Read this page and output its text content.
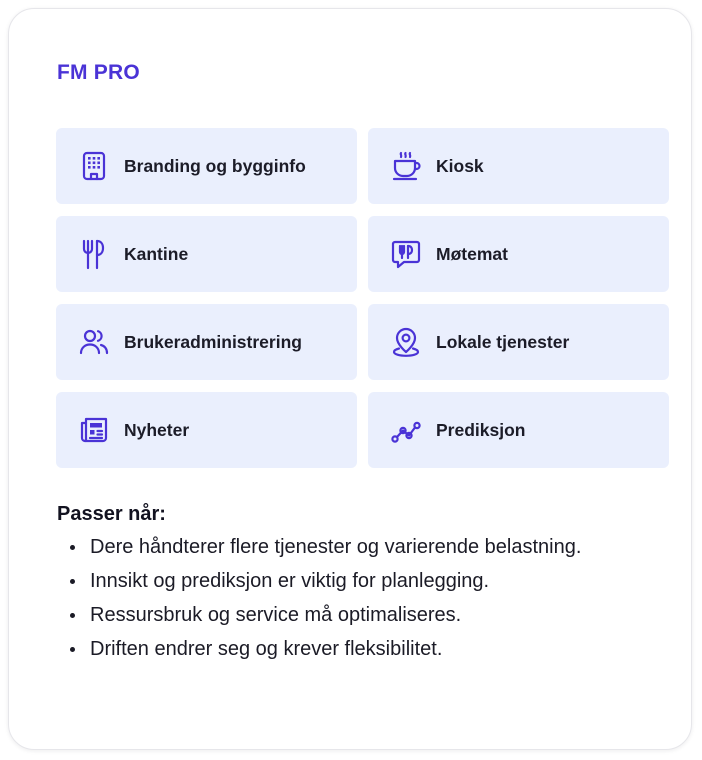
FM PRO
Branding og bygginfo	Kiosk
Kantine	Møtemat
Brukeradministrering	Lokale tjenester
Nyheter	Prediksjon
Passer når:
Dere håndterer flere tjenester og varierende belastning.
Innsikt og prediksjon er viktig for planlegging.
Ressursbruk og service må optimaliseres.
Driften endrer seg og krever fleksibilitet.
